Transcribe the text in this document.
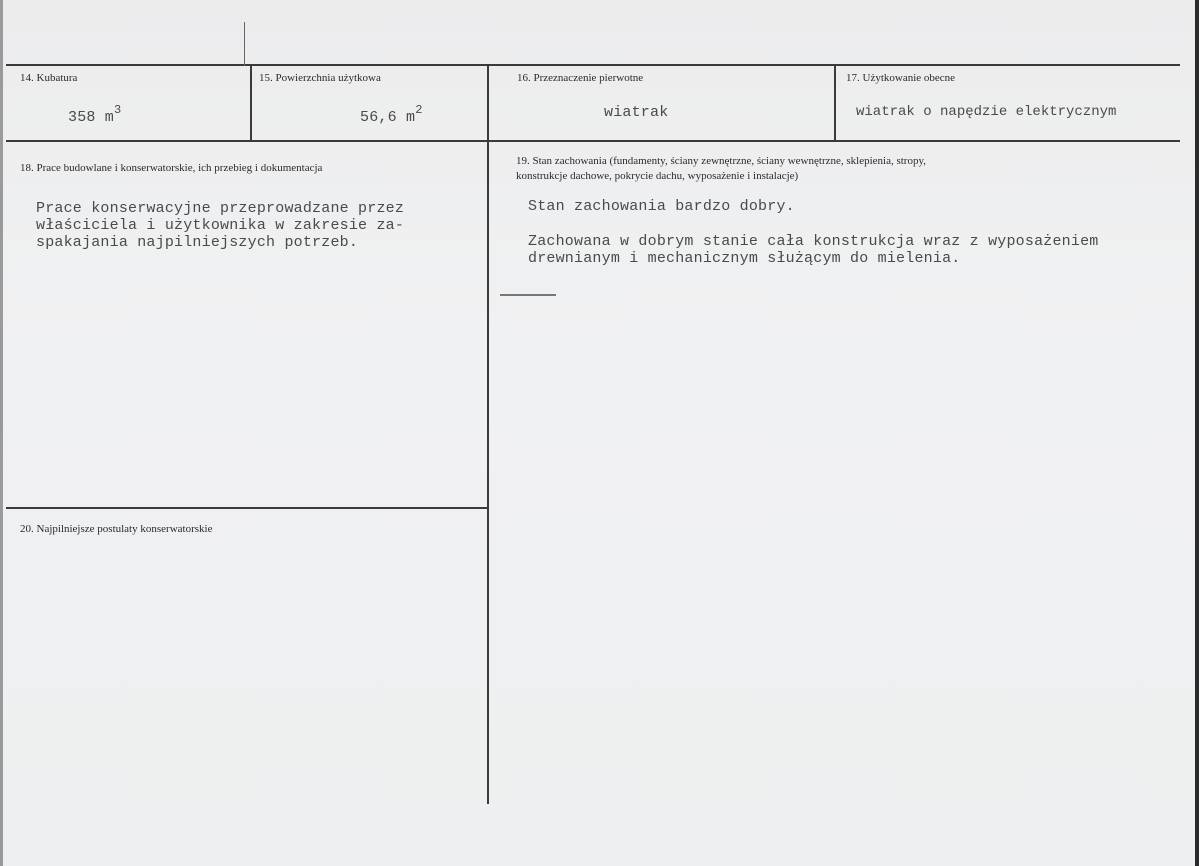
14. Kubatura
358 $m^3$
15. Powierzchnia użytkowa
56,6 $m^2$
16. Przeznaczenie pierwotne
wiatrak
17. Użytkowanie obecne
wiatrak o napędzie elektrycznym
18. Prace budowlane i konserwatorskie, ich przebieg i dokumentacja
Prace konserwacyjne przeprowadzane przez
właściciela i użytkownika w zakresie za-
spakajania najpilniejszych potrzeb.
19. Stan zachowania (fundamenty, ściany zewnętrzne, ściany wewnętrzne, sklepienia, stropy,
konstrukcje dachowe, pokrycie dachu, wyposażenie i instalacje)
Stan zachowania bardzo dobry.
Zachowana w dobrym stanie cała konstrukcja wraz z wyposażeniem
drewnianym i mechanicznym służącym do mielenia.
20. Najpilniejsze postulaty konserwatorskie
